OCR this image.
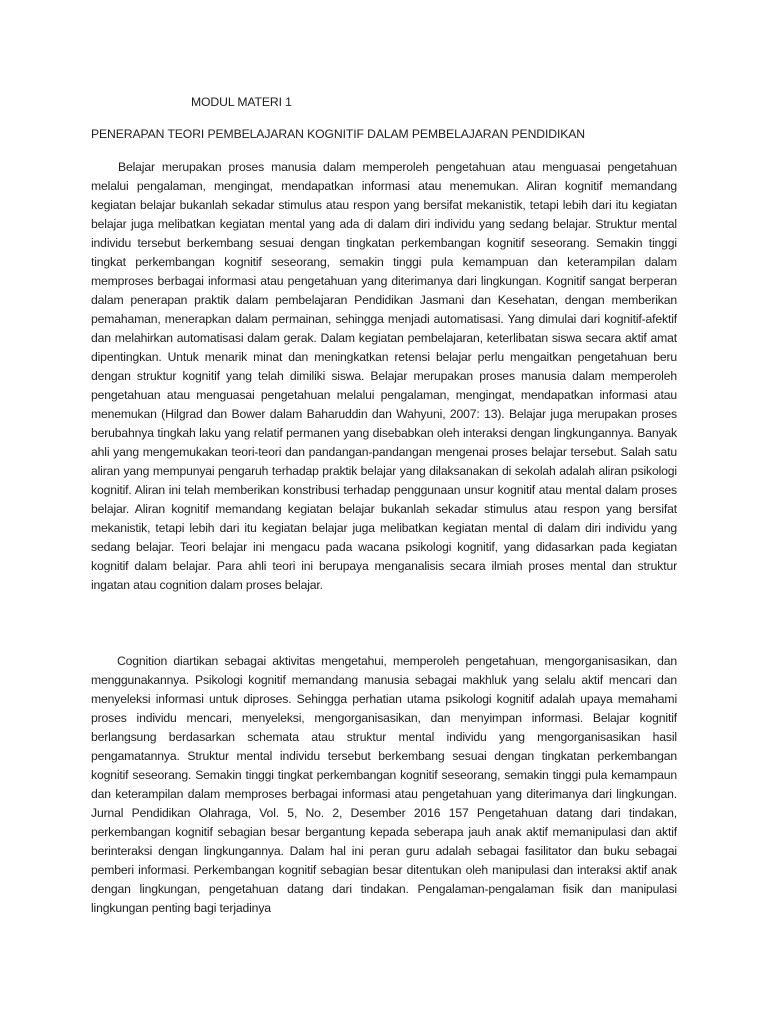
MODUL MATERI 1
PENERAPAN TEORI PEMBELAJARAN KOGNITIF DALAM PEMBELAJARAN PENDIDIKAN

Belajar merupakan proses manusia dalam memperoleh pengetahuan atau menguasai pengetahuan melalui pengalaman, mengingat, mendapatkan informasi atau menemukan. Aliran kognitif memandang kegiatan belajar bukanlah sekadar stimulus atau respon yang bersifat mekanistik, tetapi lebih dari itu kegiatan belajar juga melibatkan kegiatan mental yang ada di dalam diri individu yang sedang belajar. Struktur mental individu tersebut berkembang sesuai dengan tingkatan perkembangan kognitif seseorang. Semakin tinggi tingkat perkembangan kognitif seseorang, semakin tinggi pula kemampuan dan keterampilan dalam memproses berbagai informasi atau pengetahuan yang diterimanya dari lingkungan. Kognitif sangat berperan dalam penerapan praktik dalam pembelajaran Pendidikan Jasmani dan Kesehatan, dengan memberikan pemahaman, menerapkan dalam permainan, sehingga menjadi automatisasi. Yang dimulai dari kognitif-afektif dan melahirkan automatisasi dalam gerak. Dalam kegiatan pembelajaran, keterlibatan siswa secara aktif amat dipentingkan. Untuk menarik minat dan meningkatkan retensi belajar perlu mengaitkan pengetahuan beru dengan struktur kognitif yang telah dimiliki siswa. Belajar merupakan proses manusia dalam memperoleh pengetahuan atau menguasai pengetahuan melalui pengalaman, mengingat, mendapatkan informasi atau menemukan (Hilgrad dan Bower dalam Baharuddin dan Wahyuni, 2007: 13). Belajar juga merupakan proses berubahnya tingkah laku yang relatif permanen yang disebabkan oleh interaksi dengan lingkungannya. Banyak ahli yang mengemukakan teori-teori dan pandangan-pandangan mengenai proses belajar tersebut. Salah satu aliran yang mempunyai pengaruh terhadap praktik belajar yang dilaksanakan di sekolah adalah aliran psikologi kognitif. Aliran ini telah memberikan konstribusi terhadap penggunaan unsur kognitif atau mental dalam proses belajar. Aliran kognitif memandang kegiatan belajar bukanlah sekadar stimulus atau respon yang bersifat mekanistik, tetapi lebih dari itu kegiatan belajar juga melibatkan kegiatan mental di dalam diri individu yang sedang belajar. Teori belajar ini mengacu pada wacana psikologi kognitif, yang didasarkan pada kegiatan kognitif dalam belajar. Para ahli teori ini berupaya menganalisis secara ilmiah proses mental dan struktur ingatan atau cognition dalam proses belajar.

Cognition diartikan sebagai aktivitas mengetahui, memperoleh pengetahuan, mengorganisasikan, dan menggunakannya. Psikologi kognitif memandang manusia sebagai makhluk yang selalu aktif mencari dan menyeleksi informasi untuk diproses. Sehingga perhatian utama psikologi kognitif adalah upaya memahami proses individu mencari, menyeleksi, mengorganisasikan, dan menyimpan informasi. Belajar kognitif berlangsung berdasarkan schemata atau struktur mental individu yang mengorganisasikan hasil pengamatannya. Struktur mental individu tersebut berkembang sesuai dengan tingkatan perkembangan kognitif seseorang. Semakin tinggi tingkat perkembangan kognitif seseorang, semakin tinggi pula kemampaun dan keterampilan dalam memproses berbagai informasi atau pengetahuan yang diterimanya dari lingkungan. Jurnal Pendidikan Olahraga, Vol. 5, No. 2, Desember 2016 157 Pengetahuan datang dari tindakan, perkembangan kognitif sebagian besar bergantung kepada seberapa jauh anak aktif memanipulasi dan aktif berinteraksi dengan lingkungannya. Dalam hal ini peran guru adalah sebagai fasilitator dan buku sebagai pemberi informasi. Perkembangan kognitif sebagian besar ditentukan oleh manipulasi dan interaksi aktif anak dengan lingkungan, pengetahuan datang dari tindakan. Pengalaman-pengalaman fisik dan manipulasi lingkungan penting bagi terjadinya
